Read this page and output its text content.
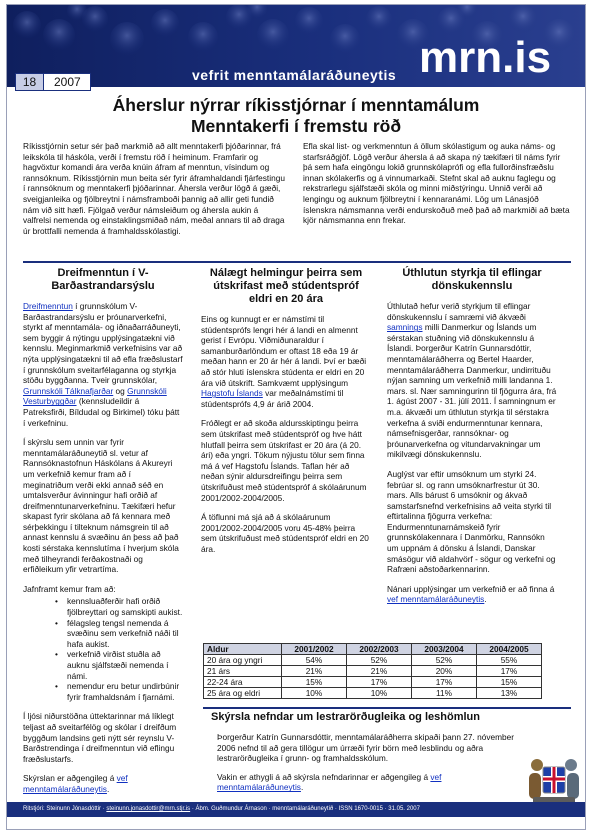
mrn.is
vefrit menntamálaráðuneytis
18	2007
Áherslur nýrrar ríkisstjórnar í menntamálum
Menntakerfi í fremstu röð

Ríkisstjórnin setur sér það markmið að allt menntakerfi þjóðarinnar, frá leikskóla til háskóla, verði í fremstu röð í heiminum. Framfarir og hagvöxtur komandi ára verða knúin áfram af menntun, vísindum og rannsóknum. Ríkisstjórnin mun beita sér fyrir áframhaldandi fjárfestingu í rannsóknum og menntakerfi þjóðarinnar. Áhersla verður lögð á gæði, sveigjanleika og fjölbreytni í námsframboði þannig að allir geti fundið nám við sitt hæfi. Fjölgað verður námsleiðum og áhersla aukin á valfrelsi nemenda og einstaklingsmiðað nám, meðal annars til að draga úr brottfalli nemenda á framhaldsskólastigi.

Efla skal list- og verkmenntun á öllum skólastigum og auka náms- og starfsráðgjöf. Lögð verður áhersla á að skapa ný tækifæri til náms fyrir þá sem hafa eingöngu lokið grunnskólaprófi og efla fullorðinsfræðslu innan skólakerfis og á vinnumarkaði. Stefnt skal að auknu faglegu og rekstrarlegu sjálfstæði skóla og minni miðstýringu. Unnið verði að lengingu og auknum fjölbreytni í kennaranámi. Lög um Lánasjóð íslenskra námsmanna verði endurskoðuð með það að markmiði að bæta kjör námsmanna enn frekar.

Dreifmenntun í V-Barðastrandarsýslu

Dreifmenntun í grunnskólum V-Barðastrandarsýslu er þróunarverkefni, styrkt af menntamála- og iðnaðarráðuneyti, sem byggir á nýtingu upplýsingatækni við kennslu. Meginmarkmið verkefnisins var að nýta upplýsingatækni til að efla fræðslustarf í grunnskólum sveitarfélaganna og styrkja stöðu byggðanna. Tveir grunnskólar, Grunnskóli Tálknafjarðar og Grunnskóli Vesturbyggðar (kennsludeildir á Patreksfirði, Bíldudal og Birkimel) tóku þátt í verkefninu.

Í skýrslu sem unnin var fyrir menntamálaráðuneytið sl. vetur af Rannsóknastofnun Háskólans á Akureyri um verkefnið kemur fram að í meginatriðum verði ekki annað séð en umtalsverður ávinningur hafi orðið af dreifmenntunarverkefninu. Tækifæri hefur skapast fyrir skólana að fá kennara með sérþekkingu í tilteknum námsgrein til að annast kennslu á svæðinu án þess að það kosti sérstaka kennslutíma í hverjum skóla með tilheyrandi ferðakostnaði og erfiðleikum yfir vetrartíma.

Jafnframt kemur fram að:

• kennsluaðferðir hafi orðið fjölbreyttari og samskipti aukist.
• félagsleg tengsl nemenda á svæðinu sem verkefnið náði til hafa aukist.
• verkefnið virðist stuðla að auknu sjálfstæði nemenda í námi.
• nemendur eru betur undirbúnir fyrir framhaldsnám í fjarnámi.

Í ljósi niðurstöðna úttektarinnar má líklegt teljast að sveitarfélög og skólar í dreifðum byggðum landsins geti nýtt sér reynslu V-Barðstrendinga í dreifmenntun við eflingu fræðslustarfs.

Skýrslan er aðgengileg á vef menntamálaráðuneytis.

Nálægt helmingur þeirra sem útskrifast með stúdentspróf eldri en 20 ára

Eins og kunnugt er er námstími til stúdentsprófs lengri hér á landi en almennt gerist í Evrópu. Viðmiðunaraldur í samanburðarlöndum er oftast 18 eða 19 ár meðan hann er 20 ár hér á landi. Því er bæði að stór hluti íslenskra stúdenta er eldri en 20 ára við útskrift. Samkvæmt upplýsingum Hagstofu Íslands var meðalnámstími til stúdentsprófs 4,9 ár árið 2004.

Fróðlegt er að skoða aldursskiptingu þeirra sem útskrifast með stúdentspróf og hve hátt hlutfall þeirra sem útskrifast er 20 ára (á 20. ári) eða yngri. Tökum nýjustu tölur sem finna má á vef Hagstofu Íslands. Taflan hér að neðan sýnir aldursdreifingu þeirra sem útskrifuðust með stúdentspróf á skólaárunum 2001/2002-2004/2005.

Á töflunni má sjá að á skólaárunum 2001/2002-2004/2005 voru 45-48% þeirra sem útskrifuðust með stúdentspróf eldri en 20 ára.

Úthlutun styrkja til eflingar dönskukennslu

Úthlutað hefur verið styrkjum til eflingar dönskukennslu í samræmi við ákvæði samnings milli Danmerkur og Íslands um sérstakan stuðning við dönskukennslu á Íslandi. Þorgerður Katrín Gunnarsdóttir, menntamálaráðherra og Bertel Haarder, menntamálaráðherra Danmerkur, undirrituðu nýjan samning um verkefnið milli landanna 1. mars. sl. Nær samningurinn til fjögurra ára, frá 1. ágúst 2007 - 31. júlí 2011. Í samningnum er m.a. ákvæði um úthlutun styrkja til sérstakra verkefna á sviði endurmenntunar kennara, námsefnisgerðar, rannsóknar- og þróunarverkefna og vitundarvakningar um mikilvægi dönskukennslu.

Auglýst var eftir umsóknum um styrki 24. febrúar sl. og rann umsóknarfrestur út 30. mars. Alls bárust 6 umsóknir og ákvað samstarfsnefnd verkefnisins að veita styrki til eftirtalinna fjögurra verkefna: Endurmenntunarnámskeið fyrir grunnskólakennara í Danmörku, Rannsókn um uppnám á dönsku á Íslandi, Danskar smásögur við aldahvörf - sögur og verkefni og Rafræni aðstoðarkennarinn.

Nánari upplýsingar um verkefnið er að finna á vef menntamálaráðuneytis.

Aldur	2001/2002	2002/2003	2003/2004	2004/2005
20 ára og yngri	54%	52%	52%	55%
21 árs	21%	21%	20%	17%
22-24 ára	15%	17%	17%	15%
25 ára og eldri	10%	10%	11%	13%
Skýrsla nefndar um lestrarörðugleika og leshömlun

Þorgerður Katrín Gunnarsdóttir, menntamálaráðherra skipaði þann 27. nóvember 2006 nefnd til að gera tillögur um úrræði fyrir börn með lesblindu og aðra lestrarörðugleika í grunn- og framhaldsskólum.

Vakin er athygli á að skýrsla nefndarinnar er aðgengileg á vef menntamálaráðuneytis.

Ritstjóri: Steinunn Jónasdóttir · steinunn.jonasdottir@mrn.stjr.is · Ábm. Guðmundur Árnason · menntamálaráðuneytið · ISSN 1670-0015 · 31.05. 2007
